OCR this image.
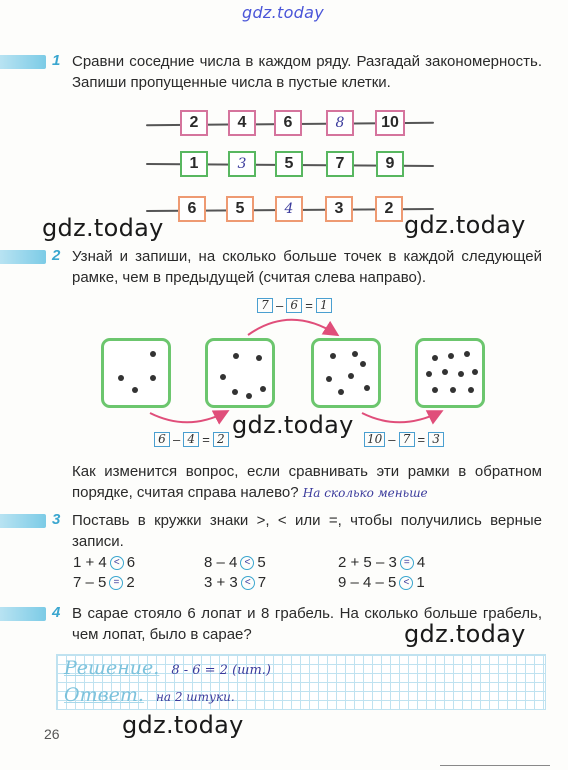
gdz.today
gdz.today	gdz.today
gdz.today
gdz.today
gdz.today
1 Сравни соседние числа в каждом ряду. Разгадай закономерность. Запиши пропущенные числа в пустые клетки.
2	4	6	8	10
1	3	5	7	9
6	5	4	3	2
2 Узнай и запиши, на сколько больше точек в каждой следующей рамке, чем в предыдущей (считая слева направо).
7 – 6 = 1
6 – 4 = 2	10 – 7 = 3
Как изменится вопрос, если сравнивать эти рамки в обратном порядке, считая справа налево? На сколько меньше
3 Поставь в кружки знаки >, < или =, чтобы получились верные записи.
1 + 4 < 6	8 – 4 < 5	2 + 5 – 3 = 4
7 – 5 = 2	3 + 3 < 7	9 – 4 – 5 < 1
4 В сарае стояло 6 лопат и 8 грабель. На сколько больше грабель, чем лопат, было в сарае?
Решение. 8 - 6 = 2 (шт.)
Ответ. на 2 штуки.
26
